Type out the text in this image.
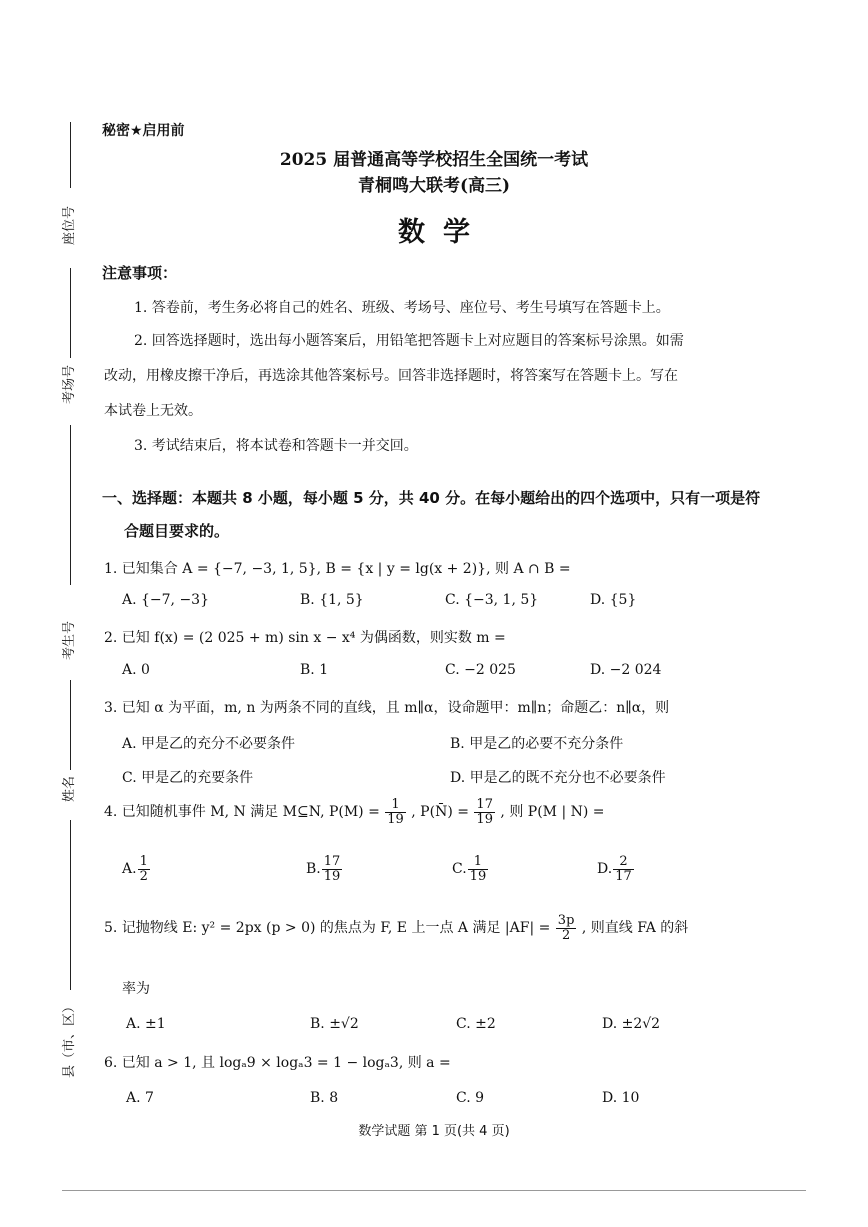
座位号
考场号
考生号
姓名
县（市、区）
秘密★启用前
2025 届普通高等学校招生全国统一考试
青桐鸣大联考(高三)
数学
注意事项：
1. 答卷前，考生务必将自己的姓名、班级、考场号、座位号、考生号填写在答题卡上。
2. 回答选择题时，选出每小题答案后，用铅笔把答题卡上对应题目的答案标号涂黑。如需
改动，用橡皮擦干净后，再选涂其他答案标号。回答非选择题时，将答案写在答题卡上。写在
本试卷上无效。
3. 考试结束后，将本试卷和答题卡一并交回。
一、选择题：本题共 8 小题，每小题 5 分，共 40 分。在每小题给出的四个选项中，只有一项是符
合题目要求的。
1. 已知集合 A = {−7, −3, 1, 5}, B = {x | y = lg(x + 2)}, 则 A ∩ B =
A. {−7, −3}	B. {1, 5}	C. {−3, 1, 5}	D. {5}
2. 已知 f(x) = (2 025 + m) sin x − x⁴ 为偶函数，则实数 m =
A. 0	B. 1	C. −2 025	D. −2 024
3. 已知 α 为平面，m, n 为两条不同的直线，且 m∥α，设命题甲：m∥n；命题乙：n∥α，则
A. 甲是乙的充分不必要条件	B. 甲是乙的必要不充分条件
C. 甲是乙的充要条件	D. 甲是乙的既不充分也不必要条件
4. 已知随机事件 M, N 满足 M⊆N, $P(M) = \frac{1}{19}$ , P(N̄) = $\frac{17}{19}$ , 则 P(M | N) =
A. $\frac{1}{2}$	B. $\frac{17}{19}$	C. $\frac{1}{19}$	D. $\frac{2}{17}$
5. 记抛物线 E: y² = 2px (p > 0) 的焦点为 F, E 上一点 A 满足 $|AF| = \frac{3p}{2}$ , 则直线 FA 的斜
率为
A. ±1	B. ±√2	C. ±2	D. ±2√2
6. 已知 a > 1, 且 logₐ9 × logₐ3 = 1 − logₐ3, 则 a =
A. 7	B. 8	C. 9	D. 10
数学试题 第 1 页(共 4 页)
